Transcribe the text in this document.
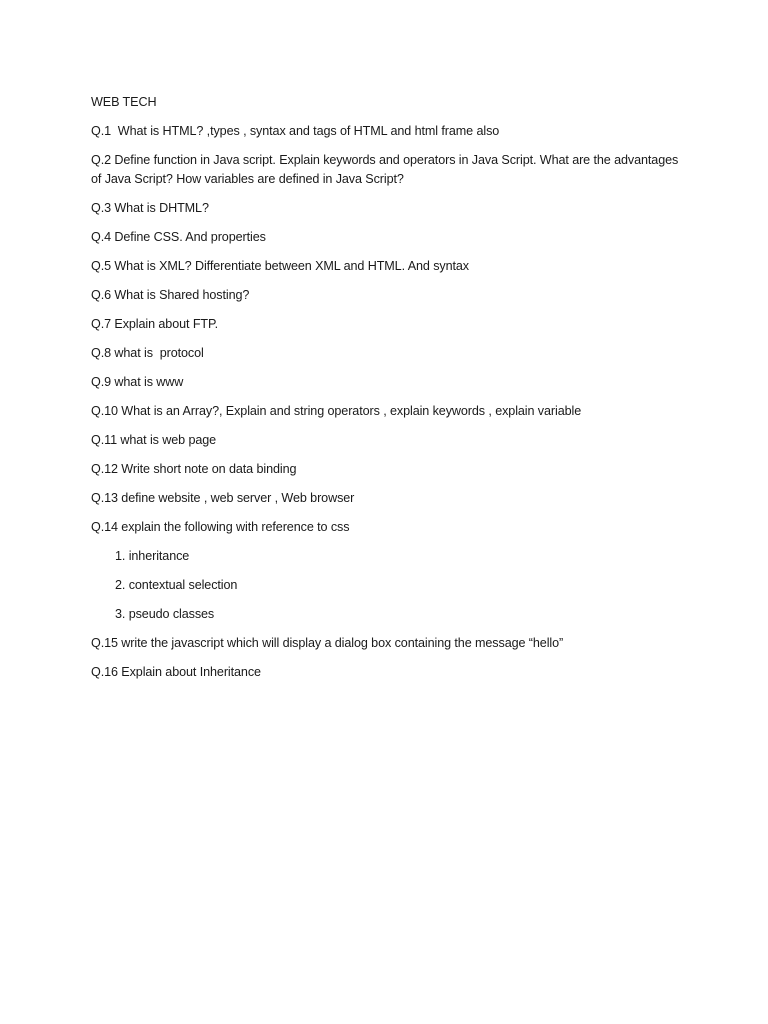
WEB TECH
Q.1  What is HTML? ,types , syntax and tags of HTML and html frame also
Q.2 Define function in Java script. Explain keywords and operators in Java Script. What are the advantages of Java Script? How variables are defined in Java Script?
Q.3 What is DHTML?
Q.4 Define CSS. And properties
Q.5 What is XML? Differentiate between XML and HTML. And syntax
Q.6 What is Shared hosting?
Q.7 Explain about FTP.
Q.8 what is  protocol
Q.9 what is www
Q.10 What is an Array?, Explain and string operators , explain keywords , explain variable
Q.11 what is web page
Q.12 Write short note on data binding
Q.13 define website , web server , Web browser
Q.14 explain the following with reference to css
1. inheritance
2. contextual selection
3. pseudo classes
Q.15 write the javascript which will display a dialog box containing the message “hello”
Q.16 Explain about Inheritance
